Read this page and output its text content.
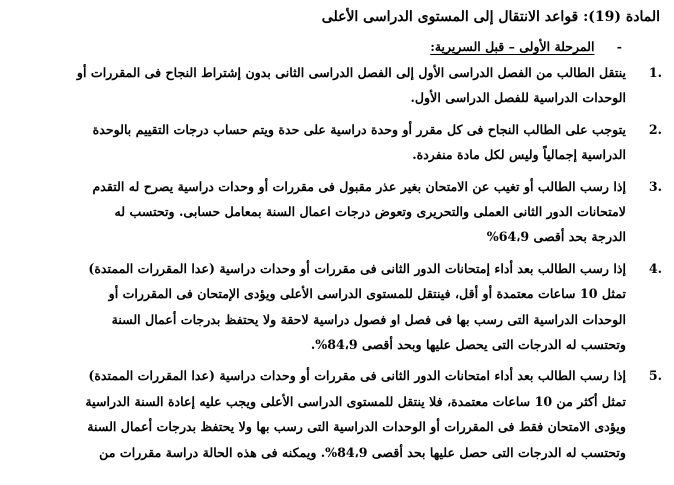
المادة (19): قواعد الانتقال إلى المستوى الدراسى الأعلى
- المرحلة الأولى – قبل السريرية:
.1

ينتقل الطالب من الفصل الدراسى الأول إلى الفصل الدراسى الثانى بدون إشتراط النجاح فى المقررات أو

الوحدات الدراسية للفصل الدراسى الأول.

.2

يتوجب على الطالب النجاح فى كل مقرر أو وحدة دراسية على حدة ويتم حساب درجات التقييم بالوحدة

الدراسية إجمالياً وليس لكل مادة منفردة.

.3

إذا رسب الطالب أو تغيب عن الامتحان بغير عذر مقبول فى مقررات أو وحدات دراسية يصرح له التقدم

لامتحانات الدور الثانى العملى والتحريرى وتعوض درجات اعمال السنة بمعامل حسابى. وتحتسب له

الدرجة بحد أقصى 64،9%

.4

إذا رسب الطالب بعد أداء إمتحانات الدور الثانى فى مقررات أو وحدات دراسية (عدا المقررات الممتدة)

تمثل 10 ساعات معتمدة أو أقل، فينتقل للمستوى الدراسى الأعلى ويؤدى الإمتحان فى المقررات أو

الوحدات الدراسية التى رسب بها فى فصل او فصول دراسية لاحقة ولا يحتفظ بدرجات أعمال السنة

وتحتسب له الدرجات التى يحصل عليها وبحد أقصى 84،9%.

.5

إذا رسب الطالب بعد أداء امتحانات الدور الثانى فى مقررات أو وحدات دراسية (عدا المقررات الممتدة)

تمثل أكثر من 10 ساعات معتمدة، فلا ينتقل للمستوى الدراسى الأعلى ويجب عليه إعادة السنة الدراسية

ويؤدى الامتحان فقط فى المقررات أو الوحدات الدراسية التى رسب بها ولا يحتفظ بدرجات أعمال السنة

وتحتسب له الدرجات التى حصل عليها بحد أقصى 84،9%. ويمكنه فى هذه الحالة دراسة مقررات من
